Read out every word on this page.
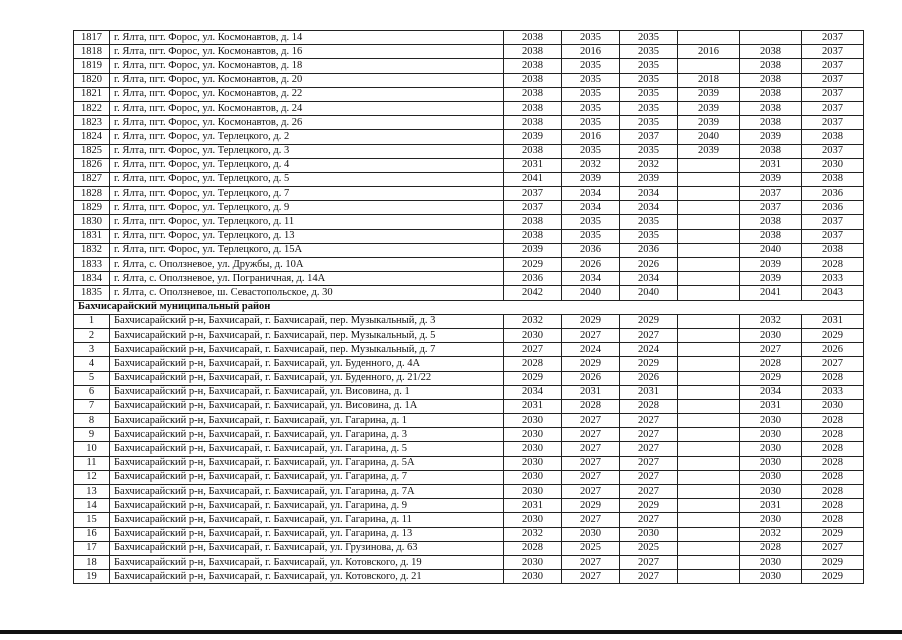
1817	г. Ялта, пгт. Форос, ул. Космонавтов, д. 14	2038	2035	2035			2037
1818	г. Ялта, пгт. Форос, ул. Космонавтов, д. 16	2038	2016	2035	2016	2038	2037
1819	г. Ялта, пгт. Форос, ул. Космонавтов, д. 18	2038	2035	2035		2038	2037
1820	г. Ялта, пгт. Форос, ул. Космонавтов, д. 20	2038	2035	2035	2018	2038	2037
1821	г. Ялта, пгт. Форос, ул. Космонавтов, д. 22	2038	2035	2035	2039	2038	2037
1822	г. Ялта, пгт. Форос, ул. Космонавтов, д. 24	2038	2035	2035	2039	2038	2037
1823	г. Ялта, пгт. Форос, ул. Космонавтов, д. 26	2038	2035	2035	2039	2038	2037
1824	г. Ялта, пгт. Форос, ул. Терлецкого, д. 2	2039	2016	2037	2040	2039	2038
1825	г. Ялта, пгт. Форос, ул. Терлецкого, д. 3	2038	2035	2035	2039	2038	2037
1826	г. Ялта, пгт. Форос, ул. Терлецкого, д. 4	2031	2032	2032		2031	2030
1827	г. Ялта, пгт. Форос, ул. Терлецкого, д. 5	2041	2039	2039		2039	2038
1828	г. Ялта, пгт. Форос, ул. Терлецкого, д. 7	2037	2034	2034		2037	2036
1829	г. Ялта, пгт. Форос, ул. Терлецкого, д. 9	2037	2034	2034		2037	2036
1830	г. Ялта, пгт. Форос, ул. Терлецкого, д. 11	2038	2035	2035		2038	2037
1831	г. Ялта, пгт. Форос, ул. Терлецкого, д. 13	2038	2035	2035		2038	2037
1832	г. Ялта, пгт. Форос, ул. Терлецкого, д. 15А	2039	2036	2036		2040	2038
1833	г. Ялта, с. Оползневое, ул. Дружбы, д. 10А	2029	2026	2026		2039	2028
1834	г. Ялта, с. Оползневое, ул. Пограничная, д. 14А	2036	2034	2034		2039	2033
1835	г. Ялта, с. Оползневое, ш. Севастопольское, д. 30	2042	2040	2040		2041	2043
Бахчисарайский муниципальный район							
1	Бахчисарайский р-н, Бахчисарай, г. Бахчисарай, пер. Музыкальный, д. 3	2032	2029	2029		2032	2031
2	Бахчисарайский р-н, Бахчисарай, г. Бахчисарай, пер. Музыкальный, д. 5	2030	2027	2027		2030	2029
3	Бахчисарайский р-н, Бахчисарай, г. Бахчисарай, пер. Музыкальный, д. 7	2027	2024	2024		2027	2026
4	Бахчисарайский р-н, Бахчисарай, г. Бахчисарай, ул. Буденного, д. 4А	2028	2029	2029		2028	2027
5	Бахчисарайский р-н, Бахчисарай, г. Бахчисарай, ул. Буденного, д. 21/22	2029	2026	2026		2029	2028
6	Бахчисарайский р-н, Бахчисарай, г. Бахчисарай, ул. Висовина, д. 1	2034	2031	2031		2034	2033
7	Бахчисарайский р-н, Бахчисарай, г. Бахчисарай, ул. Висовина, д. 1А	2031	2028	2028		2031	2030
8	Бахчисарайский р-н, Бахчисарай, г. Бахчисарай, ул. Гагарина, д. 1	2030	2027	2027		2030	2028
9	Бахчисарайский р-н, Бахчисарай, г. Бахчисарай, ул. Гагарина, д. 3	2030	2027	2027		2030	2028
10	Бахчисарайский р-н, Бахчисарай, г. Бахчисарай, ул. Гагарина, д. 5	2030	2027	2027		2030	2028
11	Бахчисарайский р-н, Бахчисарай, г. Бахчисарай, ул. Гагарина, д. 5А	2030	2027	2027		2030	2028
12	Бахчисарайский р-н, Бахчисарай, г. Бахчисарай, ул. Гагарина, д. 7	2030	2027	2027		2030	2028
13	Бахчисарайский р-н, Бахчисарай, г. Бахчисарай, ул. Гагарина, д. 7А	2030	2027	2027		2030	2028
14	Бахчисарайский р-н, Бахчисарай, г. Бахчисарай, ул. Гагарина, д. 9	2031	2029	2029		2031	2028
15	Бахчисарайский р-н, Бахчисарай, г. Бахчисарай, ул. Гагарина, д. 11	2030	2027	2027		2030	2028
16	Бахчисарайский р-н, Бахчисарай, г. Бахчисарай, ул. Гагарина, д. 13	2032	2030	2030		2032	2029
17	Бахчисарайский р-н, Бахчисарай, г. Бахчисарай, ул. Грузинова, д. 63	2028	2025	2025		2028	2027
18	Бахчисарайский р-н, Бахчисарай, г. Бахчисарай, ул. Котовского, д. 19	2030	2027	2027		2030	2029
19	Бахчисарайский р-н, Бахчисарай, г. Бахчисарай, ул. Котовского, д. 21	2030	2027	2027		2030	2029
